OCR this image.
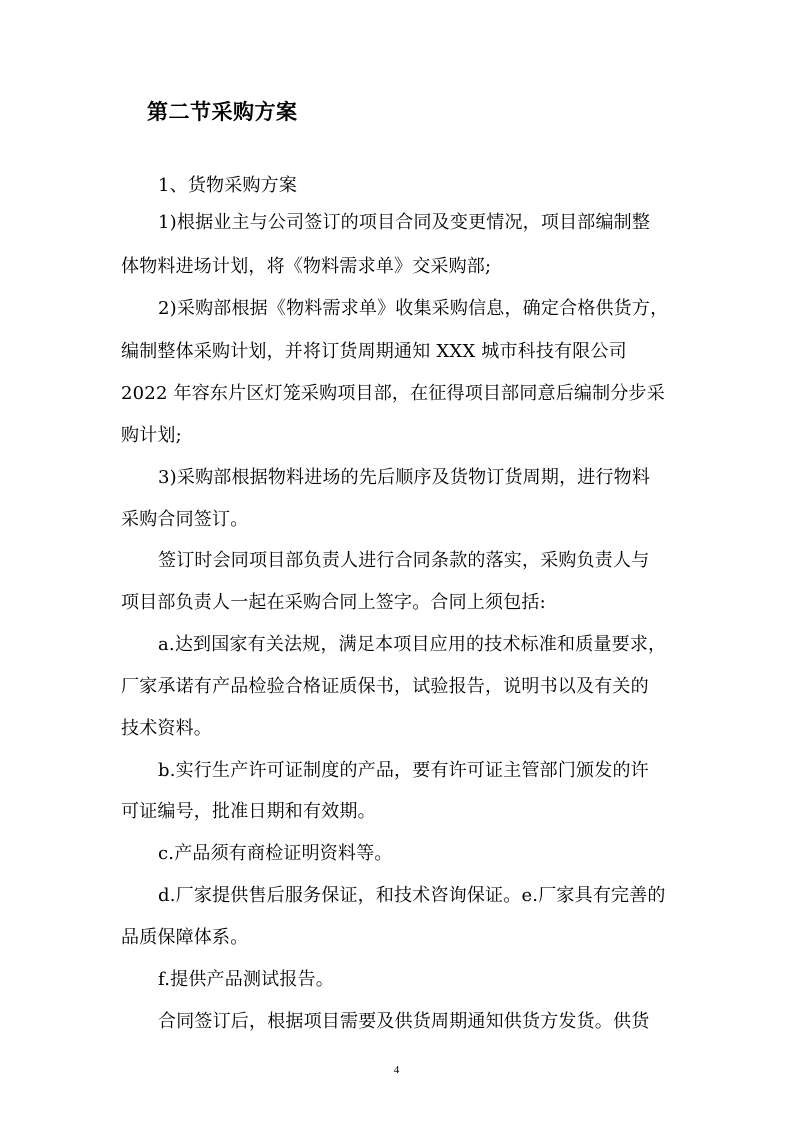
第二节采购方案
1、货物采购方案
1)根据业主与公司签订的项目合同及变更情况，项目部编制整
体物料进场计划，将《物料需求单》交采购部;
2)采购部根据《物料需求单》收集采购信息，确定合格供货方，
编制整体采购计划，并将订货周期通知 XXX 城市科技有限公司
2022 年容东片区灯笼采购项目部，在征得项目部同意后编制分步采
购计划;
3)采购部根据物料进场的先后顺序及货物订货周期，进行物料
采购合同签订。
签订时会同项目部负责人进行合同条款的落实，采购负责人与
项目部负责人一起在采购合同上签字。合同上须包括:
a.达到国家有关法规，满足本项目应用的技术标准和质量要求，
厂家承诺有产品检验合格证质保书，试验报告，说明书以及有关的
技术资料。
b.实行生产许可证制度的产品，要有许可证主管部门颁发的许
可证编号，批准日期和有效期。
c.产品须有商检证明资料等。
d.厂家提供售后服务保证，和技术咨询保证。e.厂家具有完善的
品质保障体系。
f.提供产品测试报告。
合同签订后，根据项目需要及供货周期通知供货方发货。供货
4
